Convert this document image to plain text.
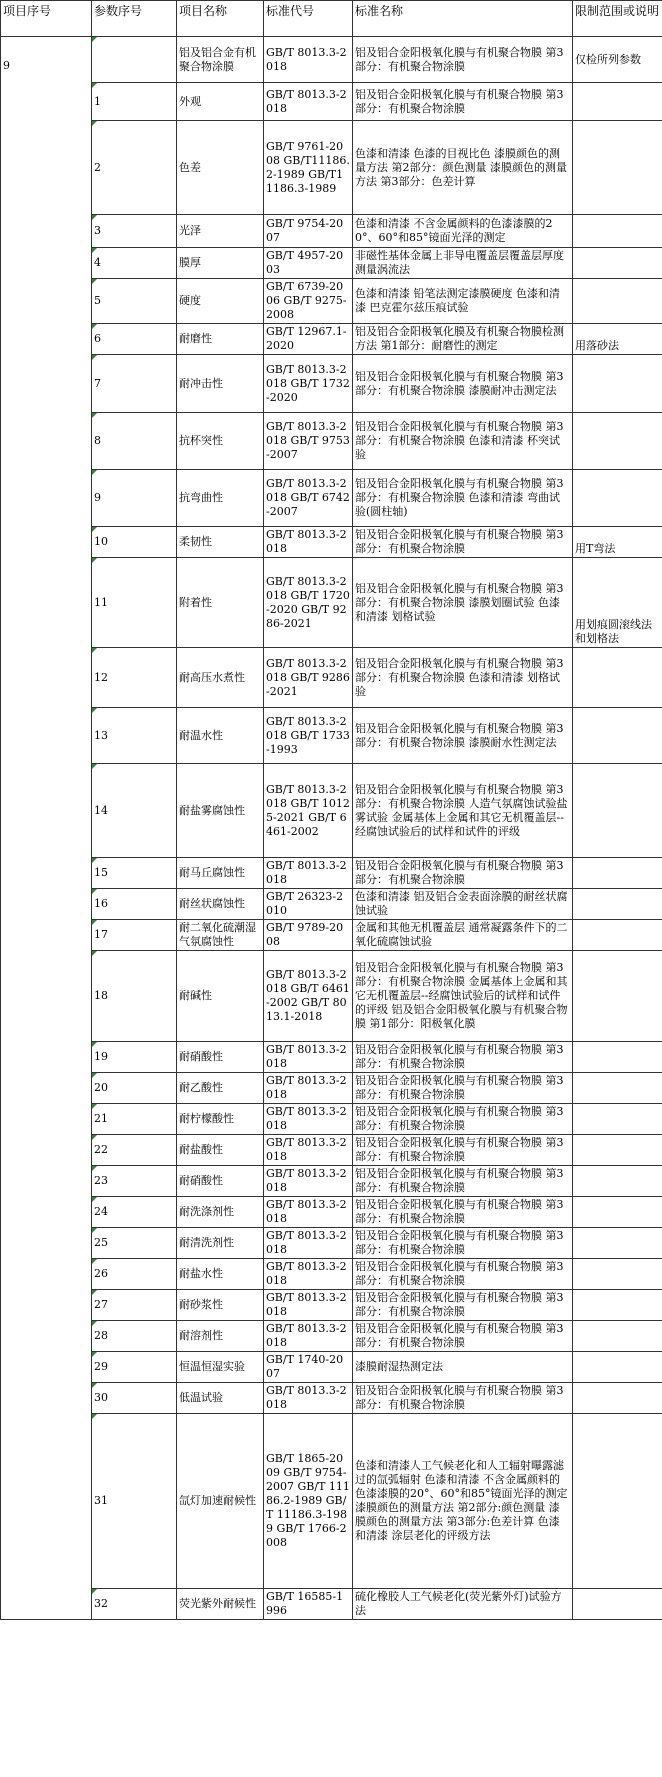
项目序号	参数序号	项目名称	标准代号	标准名称	限制范围或说明
9		铝及铝合金有机聚合物涂膜	GB/T 8013.3-2018	铝及铝合金阳极氧化膜与有机聚合物膜 第3部分：有机聚合物涂膜	仅检所列参数
	1	外观	GB/T 8013.3-2018	铝及铝合金阳极氧化膜与有机聚合物膜 第3部分：有机聚合物涂膜	
	2	色差	GB/T 9761-2008 GB/T11186.2-1989 GB/T11186.3-1989	色漆和清漆 色漆的目视比色 漆膜颜色的测量方法 第2部分：颜色测量 漆膜颜色的测量方法 第3部分：色差计算	
	3	光泽	GB/T 9754-2007	色漆和清漆 不含金属颜料的色漆漆膜的20°、60°和85°镜面光泽的测定	
	4	膜厚	GB/T 4957-2003	非磁性基体金属上非导电覆盖层覆盖层厚度测量涡流法	
	5	硬度	GB/T 6739-2006 GB/T 9275-2008	色漆和清漆 铅笔法测定漆膜硬度 色漆和清漆 巴克霍尔兹压痕试验	
	6	耐磨性	GB/T 12967.1-2020	铝及铝合金阳极氧化膜及有机聚合物膜检测方法 第1部分：耐磨性的测定	用落砂法
	7	耐冲击性	GB/T 8013.3-2018 GB/T 1732-2020	铝及铝合金阳极氧化膜与有机聚合物膜 第3部分：有机聚合物涂膜 漆膜耐冲击测定法	
	8	抗杯突性	GB/T 8013.3-2018 GB/T 9753-2007	铝及铝合金阳极氧化膜与有机聚合物膜 第3部分：有机聚合物涂膜 色漆和清漆 杯突试验	
	9	抗弯曲性	GB/T 8013.3-2018 GB/T 6742-2007	铝及铝合金阳极氧化膜与有机聚合物膜 第3部分：有机聚合物涂膜 色漆和清漆 弯曲试验(圆柱轴)	
	10	柔韧性	GB/T 8013.3-2018	铝及铝合金阳极氧化膜与有机聚合物膜 第3部分：有机聚合物涂膜	用T弯法
	11	附着性	GB/T 8013.3-2018 GB/T 1720-2020 GB/T 9286-2021	铝及铝合金阳极氧化膜与有机聚合物膜 第3部分：有机聚合物涂膜 漆膜划圈试验 色漆和清漆 划格试验	用划痕圆滚线法和划格法
	12	耐高压水煮性	GB/T 8013.3-2018 GB/T 9286-2021	铝及铝合金阳极氧化膜与有机聚合物膜 第3部分：有机聚合物涂膜 色漆和清漆 划格试验	
	13	耐温水性	GB/T 8013.3-2018 GB/T 1733-1993	铝及铝合金阳极氧化膜与有机聚合物膜 第3部分：有机聚合物涂膜 漆膜耐水性测定法	
	14	耐盐雾腐蚀性	GB/T 8013.3-2018 GB/T 10125-2021 GB/T 6461-2002	铝及铝合金阳极氧化膜与有机聚合物膜 第3部分：有机聚合物涂膜 人造气氛腐蚀试验盐雾试验 金属基体上金属和其它无机覆盖层--经腐蚀试验后的试样和试件的评级	
	15	耐马丘腐蚀性	GB/T 8013.3-2018	铝及铝合金阳极氧化膜与有机聚合物膜 第3部分：有机聚合物涂膜	
	16	耐丝状腐蚀性	GB/T 26323-2010	色漆和清漆 铝及铝合金表面涂膜的耐丝状腐蚀试验	
	17	耐二氧化硫潮湿气氛腐蚀性	GB/T 9789-2008	金属和其他无机覆盖层 通常凝露条件下的二氧化硫腐蚀试验	
	18	耐碱性	GB/T 8013.3-2018 GB/T 6461-2002 GB/T 8013.1-2018	铝及铝合金阳极氧化膜与有机聚合物膜 第3部分：有机聚合物涂膜 金属基体上金属和其它无机覆盖层--经腐蚀试验后的试样和试件的评级 铝及铝合金阳极氧化膜与有机聚合物膜 第1部分：阳极氧化膜	
	19	耐硝酸性	GB/T 8013.3-2018	铝及铝合金阳极氧化膜与有机聚合物膜 第3部分：有机聚合物涂膜	
	20	耐乙酸性	GB/T 8013.3-2018	铝及铝合金阳极氧化膜与有机聚合物膜 第3部分：有机聚合物涂膜	
	21	耐柠檬酸性	GB/T 8013.3-2018	铝及铝合金阳极氧化膜与有机聚合物膜 第3部分：有机聚合物涂膜	
	22	耐盐酸性	GB/T 8013.3-2018	铝及铝合金阳极氧化膜与有机聚合物膜 第3部分：有机聚合物涂膜	
	23	耐硝酸性	GB/T 8013.3-2018	铝及铝合金阳极氧化膜与有机聚合物膜 第3部分：有机聚合物涂膜	
	24	耐洗涤剂性	GB/T 8013.3-2018	铝及铝合金阳极氧化膜与有机聚合物膜 第3部分：有机聚合物涂膜	
	25	耐清洗剂性	GB/T 8013.3-2018	铝及铝合金阳极氧化膜与有机聚合物膜 第3部分：有机聚合物涂膜	
	26	耐盐水性	GB/T 8013.3-2018	铝及铝合金阳极氧化膜与有机聚合物膜 第3部分：有机聚合物涂膜	
	27	耐砂浆性	GB/T 8013.3-2018	铝及铝合金阳极氧化膜与有机聚合物膜 第3部分：有机聚合物涂膜	
	28	耐溶剂性	GB/T 8013.3-2018	铝及铝合金阳极氧化膜与有机聚合物膜 第3部分：有机聚合物涂膜	
	29	恒温恒湿实验	GB/T 1740-2007	漆膜耐湿热测定法	
	30	低温试验	GB/T 8013.3-2018	铝及铝合金阳极氧化膜与有机聚合物膜 第3部分：有机聚合物涂膜	
	31	氙灯加速耐候性	GB/T 1865-2009 GB/T 9754-2007 GB/T 11186.2-1989 GB/T 11186.3-1989 GB/T 1766-2008	色漆和清漆人工气候老化和人工辐射曝露滤过的氙弧辐射 色漆和清漆 不含金属颜料的色漆漆膜的20°、60°和85°镜面光泽的测定 漆膜颜色的测量方法 第2部分:颜色测量 漆膜颜色的测量方法 第3部分:色差计算 色漆和清漆 涂层老化的评级方法	
	32	荧光紫外耐候性	GB/T 16585-1996	硫化橡胶人工气候老化(荧光紫外灯)试验方法	
